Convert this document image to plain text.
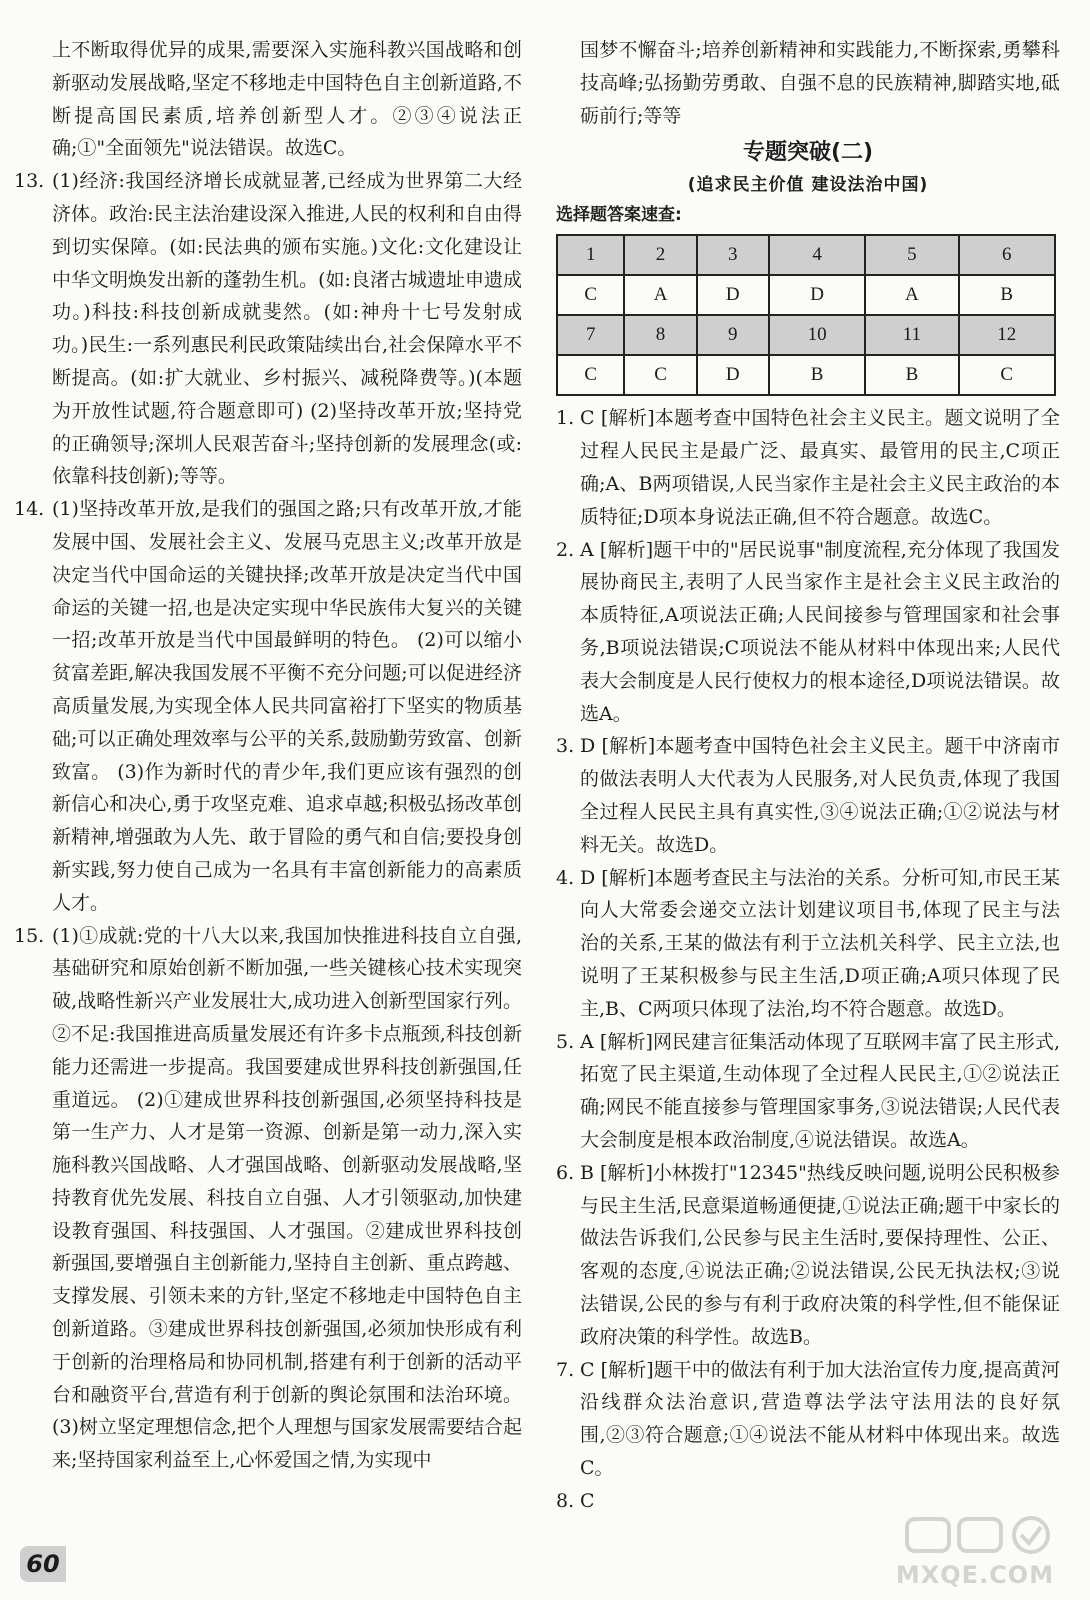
上不断取得优异的成果,需要深入实施科教兴国战略和创新驱动发展战略,坚定不移地走中国特色自主创新道路,不断提高国民素质,培养创新型人才。②③④说法正确;①"全面领先"说法错误。故选C。

13. (1)经济:我国经济增长成就显著,已经成为世界第二大经济体。政治:民主法治建设深入推进,人民的权利和自由得到切实保障。(如:民法典的颁布实施。)文化:文化建设让中华文明焕发出新的蓬勃生机。(如:良渚古城遗址申遗成功。)科技:科技创新成就斐然。(如:神舟十七号发射成功。)民生:一系列惠民利民政策陆续出台,社会保障水平不断提高。(如:扩大就业、乡村振兴、减税降费等。)(本题为开放性试题,符合题意即可) (2)坚持改革开放;坚持党的正确领导;深圳人民艰苦奋斗;坚持创新的发展理念(或:依靠科技创新);等等。

14. (1)坚持改革开放,是我们的强国之路;只有改革开放,才能发展中国、发展社会主义、发展马克思主义;改革开放是决定当代中国命运的关键抉择;改革开放是决定当代中国命运的关键一招,也是决定实现中华民族伟大复兴的关键一招;改革开放是当代中国最鲜明的特色。 (2)可以缩小贫富差距,解决我国发展不平衡不充分问题;可以促进经济高质量发展,为实现全体人民共同富裕打下坚实的物质基础;可以正确处理效率与公平的关系,鼓励勤劳致富、创新致富。 (3)作为新时代的青少年,我们更应该有强烈的创新信心和决心,勇于攻坚克难、追求卓越;积极弘扬改革创新精神,增强敢为人先、敢于冒险的勇气和自信;要投身创新实践,努力使自己成为一名具有丰富创新能力的高素质人才。

15. (1)①成就:党的十八大以来,我国加快推进科技自立自强,基础研究和原始创新不断加强,一些关键核心技术实现突破,战略性新兴产业发展壮大,成功进入创新型国家行列。②不足:我国推进高质量发展还有许多卡点瓶颈,科技创新能力还需进一步提高。我国要建成世界科技创新强国,任重道远。 (2)①建成世界科技创新强国,必须坚持科技是第一生产力、人才是第一资源、创新是第一动力,深入实施科教兴国战略、人才强国战略、创新驱动发展战略,坚持教育优先发展、科技自立自强、人才引领驱动,加快建设教育强国、科技强国、人才强国。②建成世界科技创新强国,要增强自主创新能力,坚持自主创新、重点跨越、支撑发展、引领未来的方针,坚定不移地走中国特色自主创新道路。③建成世界科技创新强国,必须加快形成有利于创新的治理格局和协同机制,搭建有利于创新的活动平台和融资平台,营造有利于创新的舆论氛围和法治环境。 (3)树立坚定理想信念,把个人理想与国家发展需要结合起来;坚持国家利益至上,心怀爱国之情,为实现中

国梦不懈奋斗;培养创新精神和实践能力,不断探索,勇攀科技高峰;弘扬勤劳勇敢、自强不息的民族精神,脚踏实地,砥砺前行;等等

专题突破(二)
(追求民主价值 建设法治中国)
选择题答案速查:
1	2	3	4	5	6
C	A	D	D	A	B
7	8	9	10	11	12
C	C	D	B	B	C
1. C [解析]本题考查中国特色社会主义民主。题文说明了全过程人民民主是最广泛、最真实、最管用的民主,C项正确;A、B两项错误,人民当家作主是社会主义民主政治的本质特征;D项本身说法正确,但不符合题意。故选C。

2. A [解析]题干中的"居民说事"制度流程,充分体现了我国发展协商民主,表明了人民当家作主是社会主义民主政治的本质特征,A项说法正确;人民间接参与管理国家和社会事务,B项说法错误;C项说法不能从材料中体现出来;人民代表大会制度是人民行使权力的根本途径,D项说法错误。故选A。

3. D [解析]本题考查中国特色社会主义民主。题干中济南市的做法表明人大代表为人民服务,对人民负责,体现了我国全过程人民民主具有真实性,③④说法正确;①②说法与材料无关。故选D。

4. D [解析]本题考查民主与法治的关系。分析可知,市民王某向人大常委会递交立法计划建议项目书,体现了民主与法治的关系,王某的做法有利于立法机关科学、民主立法,也说明了王某积极参与民主生活,D项正确;A项只体现了民主,B、C两项只体现了法治,均不符合题意。故选D。

5. A [解析]网民建言征集活动体现了互联网丰富了民主形式,拓宽了民主渠道,生动体现了全过程人民民主,①②说法正确;网民不能直接参与管理国家事务,③说法错误;人民代表大会制度是根本政治制度,④说法错误。故选A。

6. B [解析]小林拨打"12345"热线反映问题,说明公民积极参与民主生活,民意渠道畅通便捷,①说法正确;题干中家长的做法告诉我们,公民参与民主生活时,要保持理性、公正、客观的态度,④说法正确;②说法错误,公民无执法权;③说法错误,公民的参与有利于政府决策的科学性,但不能保证政府决策的科学性。故选B。

7. C [解析]题干中的做法有利于加大法治宣传力度,提高黄河沿线群众法治意识,营造尊法学法守法用法的良好氛围,②③符合题意;①④说法不能从材料中体现出来。故选C。

8. C

60	MXQE.COM
